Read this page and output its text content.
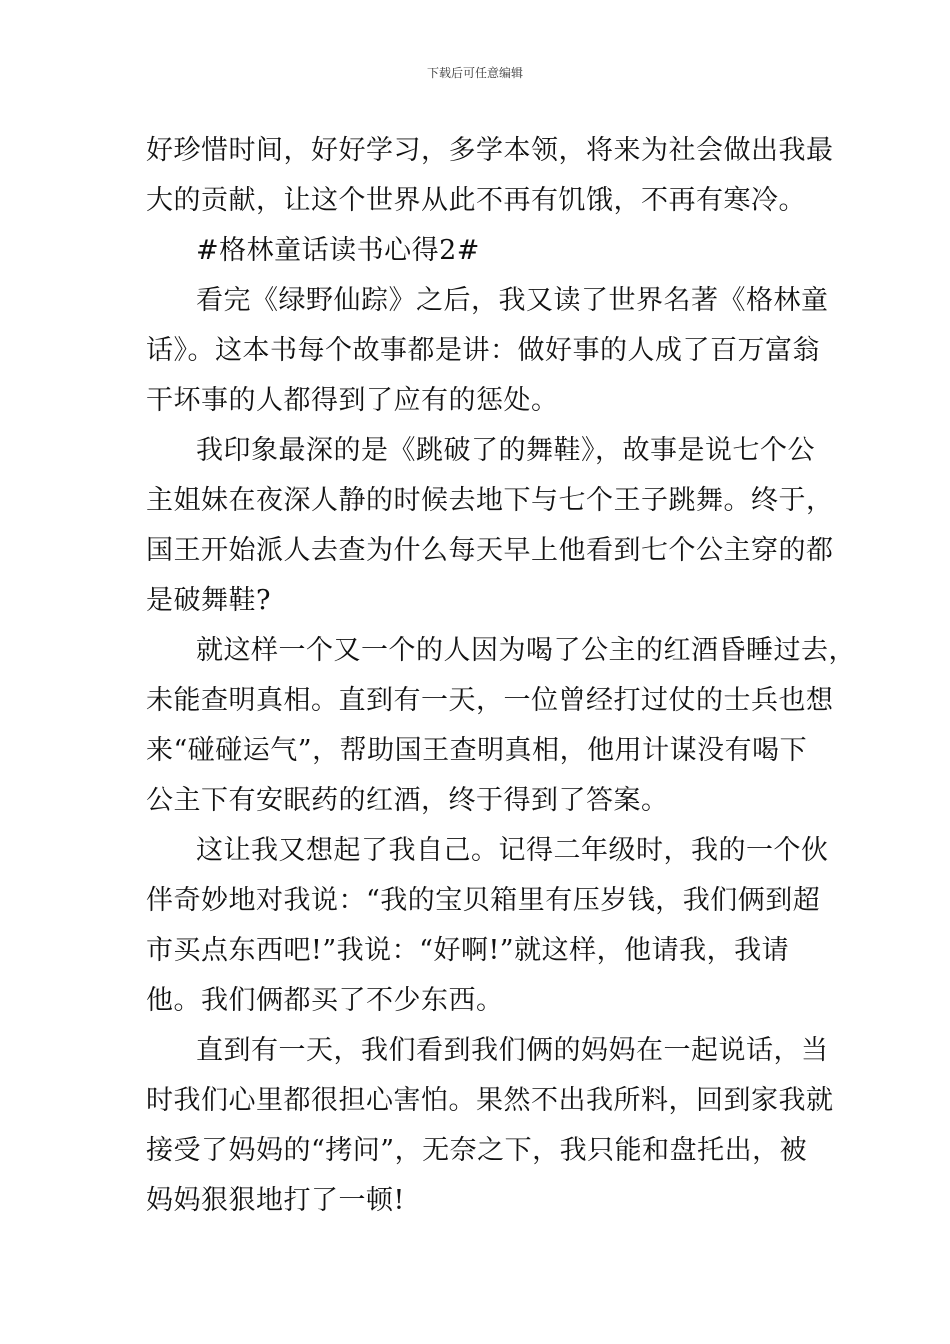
下载后可任意编辑
好珍惜时间，好好学习，多学本领，将来为社会做出我最
大的贡献，让这个世界从此不再有饥饿，不再有寒冷。
#格林童话读书心得2#
看完《绿野仙踪》之后，我又读了世界名著《格林童
话》。这本书每个故事都是讲：做好事的人成了百万富翁
干坏事的人都得到了应有的惩处。
我印象最深的是《跳破了的舞鞋》，故事是说七个公
主姐妹在夜深人静的时候去地下与七个王子跳舞。终于，
国王开始派人去查为什么每天早上他看到七个公主穿的都
是破舞鞋?
就这样一个又一个的人因为喝了公主的红酒昏睡过去，
未能查明真相。直到有一天，一位曾经打过仗的士兵也想
来“碰碰运气”，帮助国王查明真相，他用计谋没有喝下
公主下有安眠药的红酒，终于得到了答案。
这让我又想起了我自己。记得二年级时，我的一个伙
伴奇妙地对我说：“我的宝贝箱里有压岁钱，我们俩到超
市买点东西吧!”我说：“好啊!”就这样，他请我，我请
他。我们俩都买了不少东西。
直到有一天，我们看到我们俩的妈妈在一起说话，当
时我们心里都很担心害怕。果然不出我所料，回到家我就
接受了妈妈的“拷问”，无奈之下，我只能和盘托出，被
妈妈狠狠地打了一顿!
